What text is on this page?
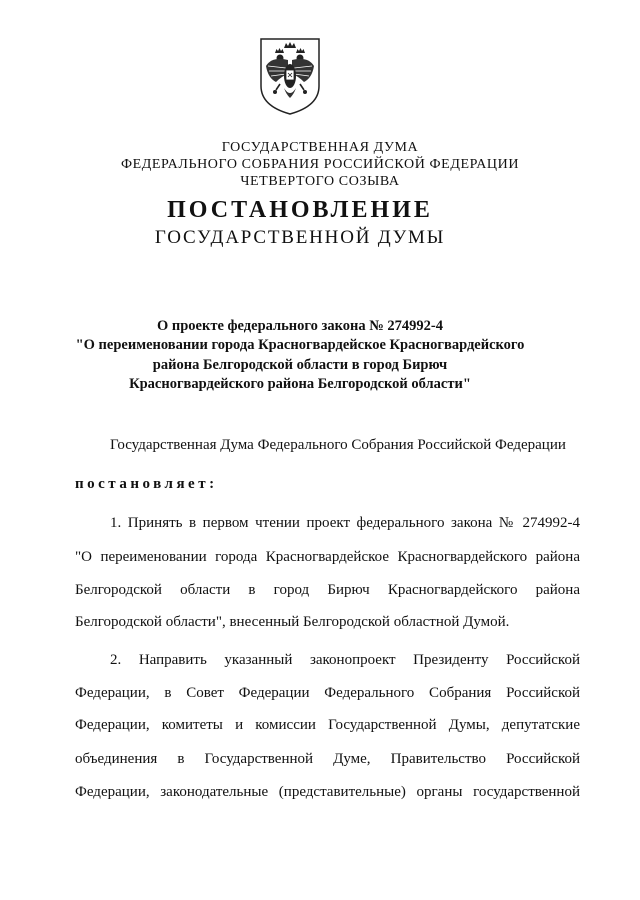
ГОСУДАРСТВЕННАЯ ДУМА
ФЕДЕРАЛЬНОГО СОБРАНИЯ РОССИЙСКОЙ ФЕДЕРАЦИИ
ЧЕТВЕРТОГО СОЗЫВА
ПОСТАНОВЛЕНИЕ
ГОСУДАРСТВЕННОЙ ДУМЫ
О проекте федерального закона № 274992-4
"О переименовании города Красногвардейское Красногвардейского
района Белгородской области в город Бирюч
Красногвардейского района Белгородской области"
Государственная Дума Федерального Собрания Российской Федерации
постановляет:
1. Принять в первом чтении проект федерального закона № 274992-4
"О переименовании города Красногвардейское Красногвардейского района
Белгородской области в город Бирюч Красногвардейского района
Белгородской области", внесенный Белгородской областной Думой.
2. Направить указанный законопроект Президенту Российской
Федерации, в Совет Федерации Федерального Собрания Российской
Федерации, комитеты и комиссии Государственной Думы, депутатские
объединения в Государственной Думе, Правительство Российской
Федерации, законодательные (представительные) органы государственной
